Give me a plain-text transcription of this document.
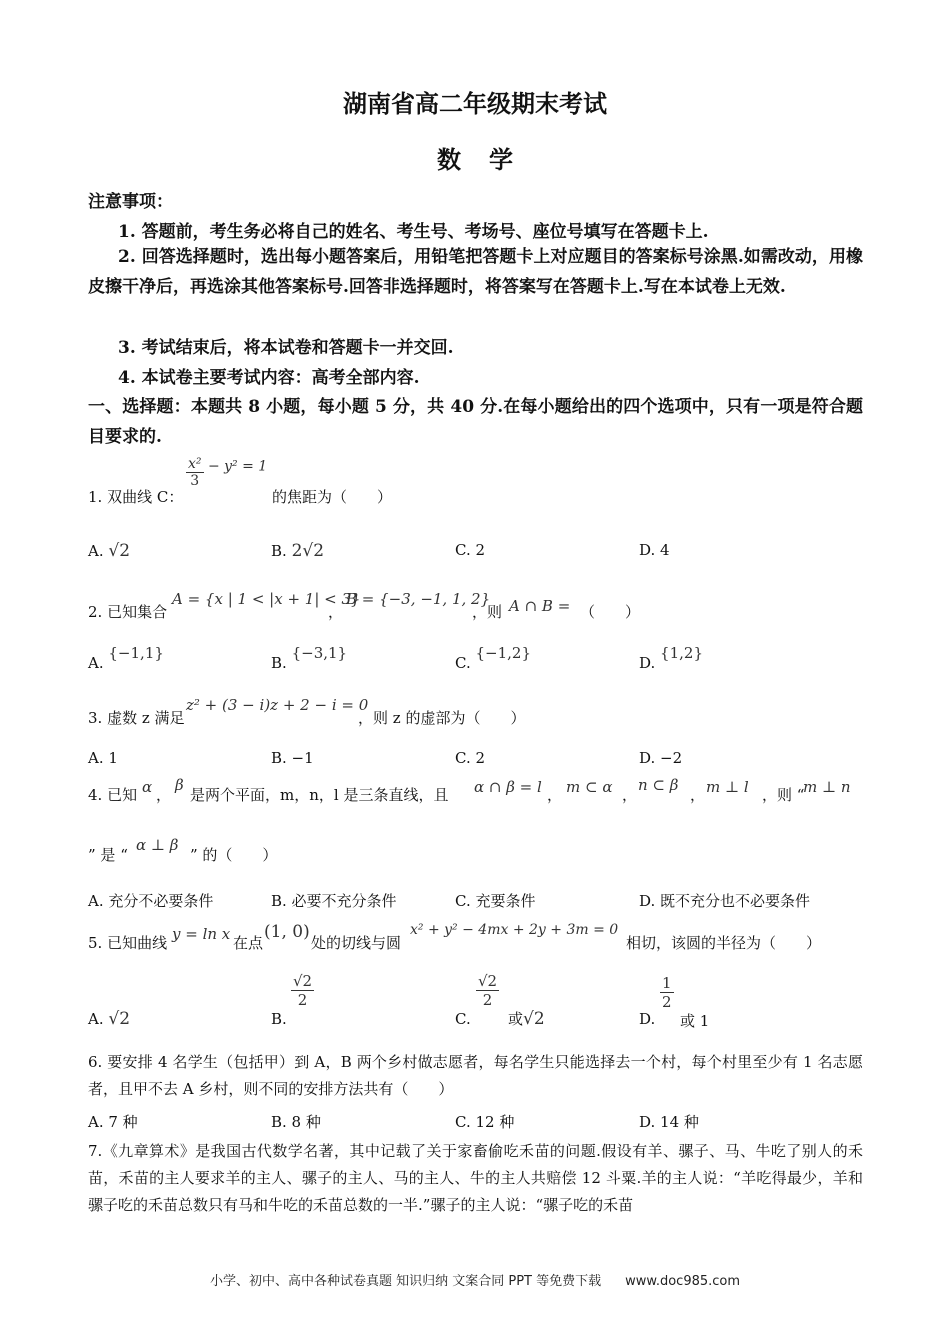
湖南省高二年级期末考试
数学
注意事项：
1. 答题前，考生务必将自己的姓名、考生号、考场号、座位号填写在答题卡上.
2. 回答选择题时，选出每小题答案后，用铅笔把答题卡上对应题目的答案标号涂黑.如需改动，用橡皮擦干净后，再选涂其他答案标号.回答非选择题时，将答案写在答题卡上.写在本试卷上无效.
3. 考试结束后，将本试卷和答题卡一并交回.
4. 本试卷主要考试内容：高考全部内容.
一、选择题：本题共 8 小题，每小题 5 分，共 40 分.在每小题给出的四个选项中，只有一项是符合题目要求的.
1. 双曲线 C：
$\frac{\text{x²}}{3} - y^2 = 1$
的焦距为（　　）
A. √2	B. 2√2	C. 2	D. 4
2. 已知集合
A = {x | 1 < |x + 1| < 3}
，
B = {−3, −1, 1, 2}
，则 A ∩ B = （　　）
A. {−1,1}
B. {−3,1}
C. {−1,2}
D. {1,2}
3. 虚数 z 满足
z² + (3 − i)z + 2 − i = 0
，则 z 的虚部为（　　）
A. 1	B. −1	C. 2	D. −2
4. 已知 α ，
β
是两个平面，m，n，l 是三条直线，且 α ∩ β = l ， m ⊂ α ，
n ⊂ β
， m ⊥ l ，则 “
m ⊥ n
” 是 “
α ⊥ β
” 的（　　）
A. 充分不必要条件	B. 必要不充分条件	C. 充要条件	D. 既不充分也不必要条件
5. 已知曲线 y = ln x 在点
(1, 0)
处的切线与圆
x² + y² − 4mx + 2y + 3m = 0
相切，该圆的半径为（　　）
A. √2	B.
$\frac{√2}{2}$
C.
$\frac{√2}{2}$
或√2	D.
$\frac{1}{2}$
或 1
6. 要安排 4 名学生（包括甲）到 A，B 两个乡村做志愿者，每名学生只能选择去一个村，每个村里至少有 1 名志愿者，且甲不去 A 乡村，则不同的安排方法共有（　　）
A. 7 种	B. 8 种	C. 12 种	D. 14 种
7.《九章算术》是我国古代数学名著，其中记载了关于家畜偷吃禾苗的问题.假设有羊、骡子、马、牛吃了别人的禾苗，禾苗的主人要求羊的主人、骡子的主人、马的主人、牛的主人共赔偿 12 斗粟.羊的主人说：“羊吃得最少，羊和骡子吃的禾苗总数只有马和牛吃的禾苗总数的一半.”骡子的主人说：“骡子吃的禾苗
小学、初中、高中各种试卷真题 知识归纳 文案合同 PPT 等免费下载 www.doc985.com
